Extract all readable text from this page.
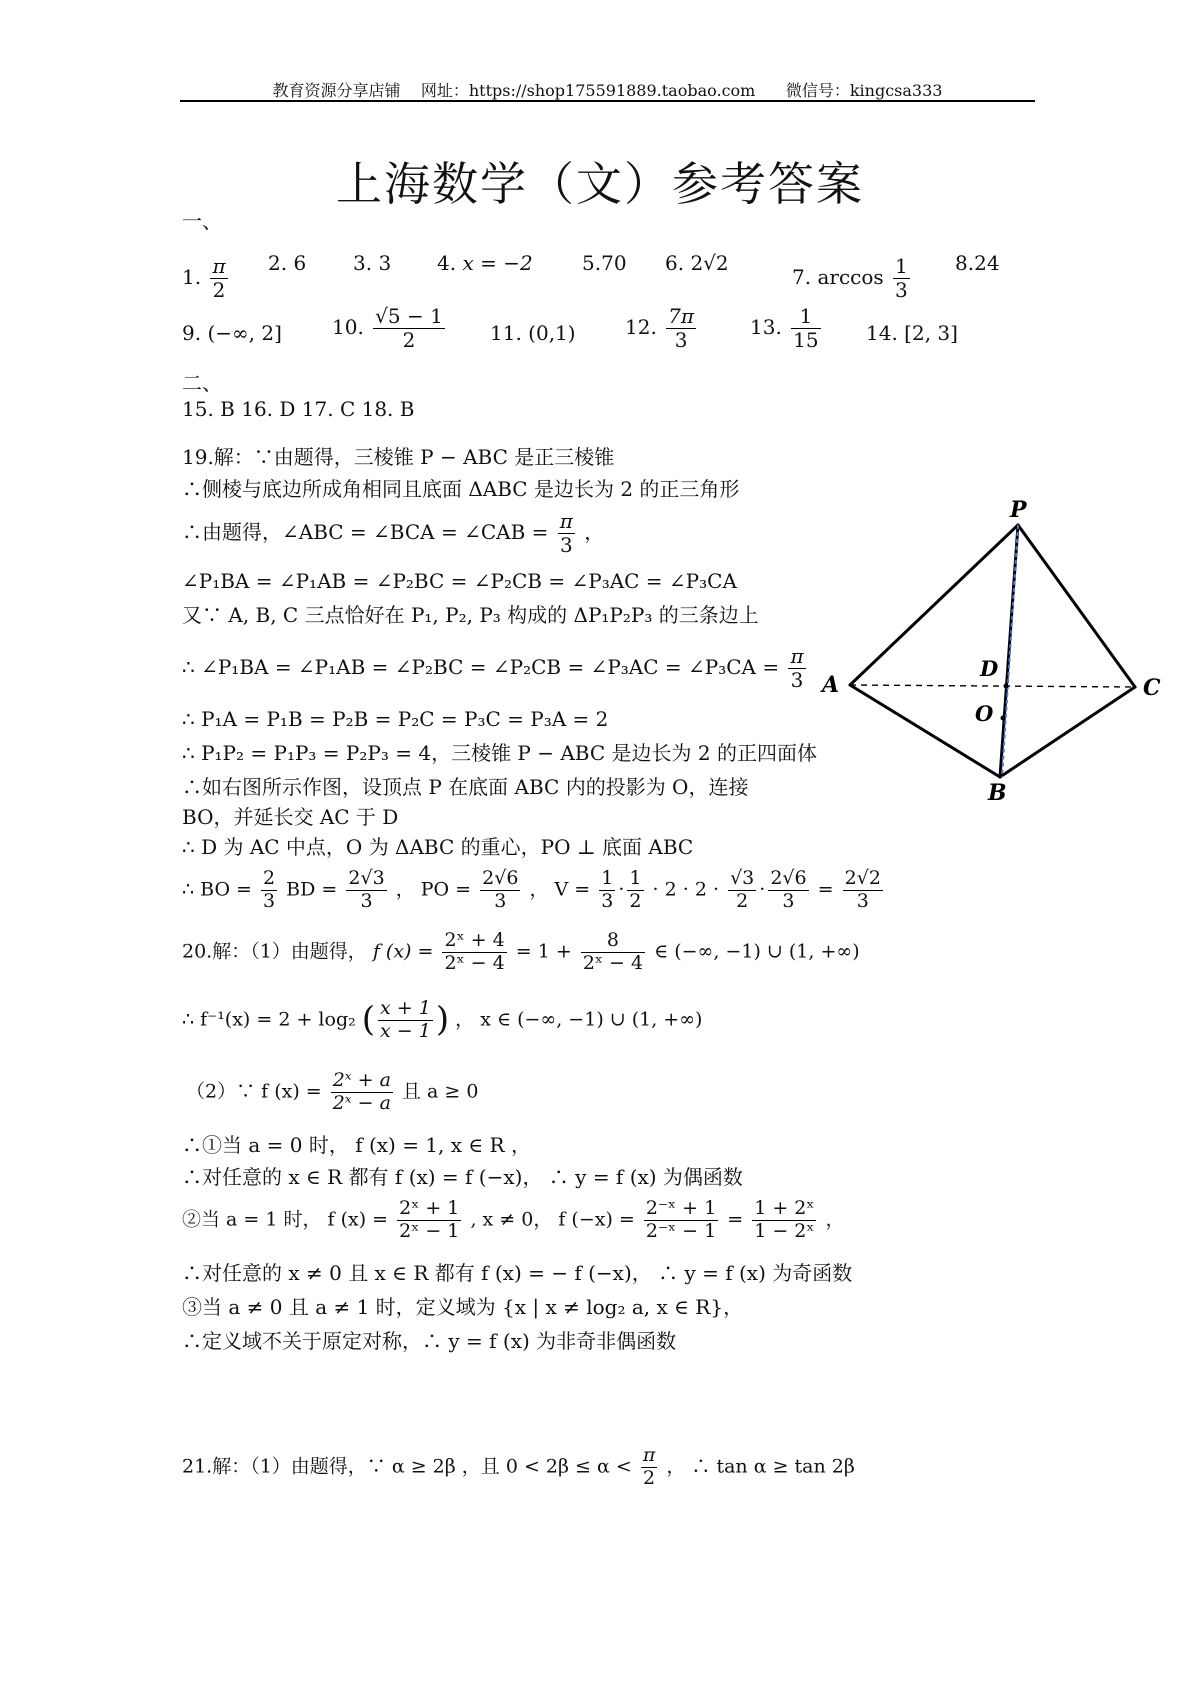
教育资源分享店铺    网址：https://shop175591889.taobao.com      微信号：kingcsa333
上海数学（文）参考答案
一、
1. $\frac{\pi}{2} 2$. 6 3. 3 4. x = −2 5.70 6. 2√2
7. $\arccos \frac{1}{3} 8.24$
9. (−∞, 2]	10. $\frac{√5 - 1}{2} 11$. (0,1) 12. $\frac{7\pi}{3}$	13. $\frac{1}{15} 14$. [2, 3]
二、
15. B 16. D 17. C 18. B
19.解：∵由题得，三棱锥 P − ABC 是正三棱锥
∴侧棱与底边所成角相同且底面 ΔABC 是边长为 2 的正三角形
∴由题得，∠ABC = ∠BCA = ∠CAB = $\frac{\pi}{3}$ ，
∠P₁BA = ∠P₁AB = ∠P₂BC = ∠P₂CB = ∠P₃AC = ∠P₃CA
又∵ A, B, C 三点恰好在 P₁, P₂, P₃ 构成的 ΔP₁P₂P₃ 的三条边上
∴ ∠P₁BA = ∠P₁AB = ∠P₂BC = ∠P₂CB = ∠P₃AC = ∠P₃CA = $\frac{\pi}{3}$
∴ P₁A = P₁B = P₂B = P₂C = P₃C = P₃A = 2
∴ P₁P₂ = P₁P₃ = P₂P₃ = 4，三棱锥 P − ABC 是边长为 2 的正四面体
∴如右图所示作图，设顶点 P 在底面 ABC 内的投影为 O，连接
BO，并延长交 AC 于 D
∴ D 为 AC 中点，O 为 ΔABC 的重心，PO ⊥ 底面 ABC
∴ BO = $\frac{2}{3}$ BD = $\frac{2√3}{3}$ ， PO = $\frac{2√6}{3}$ ， $V = \frac{1}{3} \cdot \frac{1}{2} \cdot 2 \cdot 2 \cdot \frac{√3}{2} \cdot \frac{2√6}{3} = \frac{2√2}{3}$
P
A	C
D
O
B
20.解：（1）由题得， f $(x) = \frac{\text{2ˣ + 4}}{\text{2ˣ − 4}} = 1 + \frac{8}{\text{2ˣ − 4}}$ ∈ (−∞, −1) ∪ (1, +∞)
∴ f⁻¹(x) = 2 + log₂ ( $\frac{x + 1}{x - 1}$ ) ， x ∈ (−∞, −1) ∪ (1, +∞)
（2）∵ f $(x) = \frac{\text{2ˣ + a}}{\text{2ˣ − a}}$ 且 a ≥ 0
∴①当 a = 0 时， f (x) = 1, x ∈ R ，
∴对任意的 x ∈ R 都有 f (x) = f (−x)， ∴ y = f (x) 为偶函数
②当 a = 1 时， f $(x) = \frac{\text{2ˣ + 1}}{\text{2ˣ − 1}}$ , x ≠ 0， f $(-x) = \frac{\text{2⁻ˣ + 1}}{\text{2⁻ˣ − 1}} = \frac{\text{1 + 2ˣ}}{\text{1 − 2ˣ}}$ ，
∴对任意的 x ≠ 0 且 x ∈ R 都有 f (x) = − f (−x)， ∴ y = f (x) 为奇函数
③当 a ≠ 0 且 a ≠ 1 时，定义域为 {x | x ≠ log₂ a, x ∈ R}，
∴定义域不关于原定对称，∴ y = f (x) 为非奇非偶函数
21.解：（1）由题得，∵ α ≥ 2β ，且 $0 < 2\beta \le \alpha < \frac{\pi}{2}$ ， ∴ tan α ≥ tan 2β
